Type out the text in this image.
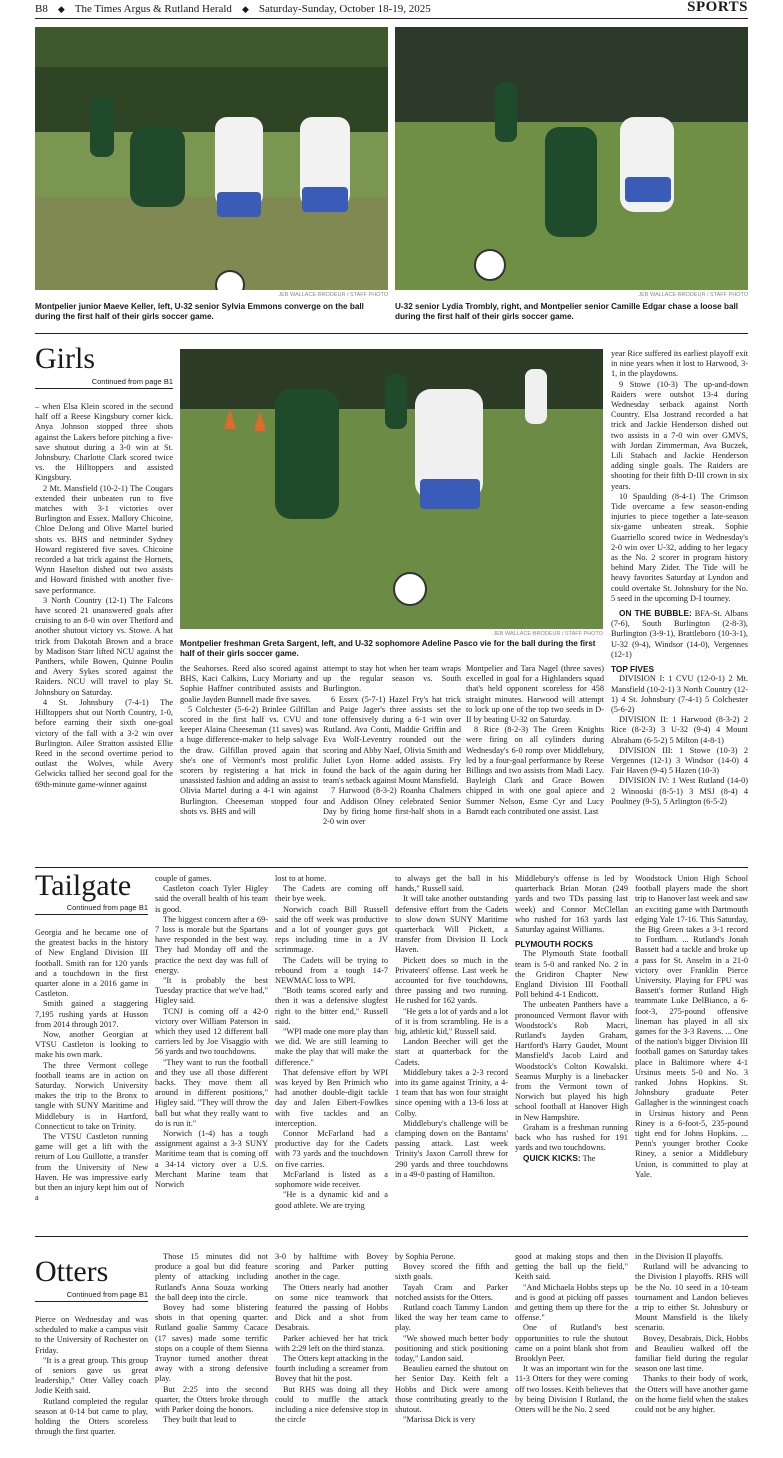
B8 ◆ The Times Argus & Rutland Herald ◆ Saturday-Sunday, October 18-19, 2025	SPORTS
JEB WALLACE-BRODEUR / STAFF PHOTO
Montpelier junior Maeve Keller, left, U-32 senior Sylvia Emmons converge on the ball during the first half of their girls soccer game.
JEB WALLACE-BRODEUR / STAFF PHOTO
U-32 senior Lydia Trombly, right, and Montpelier senior Camille Edgar chase a loose ball during the first half of their girls soccer game.
Girls
Continued from page B1
JEB WALLACE-BRODEUR / STAFF PHOTO
Montpelier freshman Greta Sargent, left, and U-32 sophomore Adeline Pasco vie for the ball during the first half of their girls soccer game.

– when Elsa Klein scored in the second half off a Reese Kingsbury corner kick. Anya Johnson stopped three shots against the Lakers before pitching a five-save shutout during a 3-0 win at St. Johnsbury. Charlotte Clark scored twice vs. the Hilltoppers and assisted Kingsbury.

2 Mt. Mansfield (10-2-1) The Cougars extended their unbeaten run to five matches with 3-1 victories over Burlington and Essex. Mallory Chicoine, Chloe DeJong and Olive Martel buried shots vs. BHS and netminder Sydney Howard registered five saves. Chicoine recorded a hat trick against the Hornets, Wynn Haselton dished out two assists and Howard finished with another five-save performance.

3 North Country (12-1) The Falcons have scored 21 unanswered goals after cruising to an 8-0 win over Thetford and another shutout victory vs. Stowe. A hat trick from Dakotah Brown and a brace by Madison Starr lifted NCU against the Panthers, while Bowen, Quinne Poulin and Avery Sykes scored against the Raiders. NCU will travel to play St. Johnsbury on Saturday.

4 St. Johnsbury (7-4-1) The Hilltoppers shut out North Country, 1-0, before earning their sixth one-goal victory of the fall with a 3-2 win over Burlington. Ailee Stratton assisted Ellie Reed in the second overtime period to outlast the Wolves, while Avery Gelwicks tallied her second goal for the 69th-minute game-winner against

the Seahorses. Reed also scored against BHS, Kaci Calkins, Lucy Moriarty and Sophie Haffner contributed assists and goalie Jayden Bunnell made five saves.

5 Colchester (5-6-2) Brinlee Gilfillan scored in the first half vs. CVU and keeper Alaina Cheeseman (11 saves) was a huge difference-maker to help salvage the draw. Gilfillan proved again that she's one of Vermont's most prolific scorers by registering a hat trick in unassisted fashion and adding an assist to Olivia Martel during a 4-1 win against Burlington. Cheeseman stopped four shots vs. BHS and will

attempt to stay hot when her team wraps up the regular season vs. South Burlington.

6 Essex (5-7-1) Hazel Fry's hat trick and Paige Jager's three assists set the tone offensively during a 6-1 win over Rutland. Ava Conti, Maddie Griffin and Eva Wolf-Leventry rounded out the scoring and Abby Naef, Olivia Smith and Juliet Lyon Horne added assists. Fry found the back of the again during her team's setback against Mount Mansfield.

7 Harwood (8-3-2) Roanha Chalmers and Addison Olney celebrated Senior Day by firing home first-half shots in a 2-0 win over

Montpelier and Tara Nagel (three saves) excelled in goal for a Highlanders squad that's held opponent scoreless for 458 straight minutes. Harwood will attempt to lock up one of the top two seeds in D-II by beating U-32 on Saturday.

8 Rice (8-2-3) The Green Knights were firing on all cylinders during Wednesday's 6-0 romp over Middlebury, led by a four-goal performance by Reese Billings and two assists from Madi Lacy. Bayleigh Clark and Grace Bowen chipped in with one goal apiece and Summer Nelson, Esme Cyr and Lucy Barndt each contributed one assist. Last

year Rice suffered its earliest playoff exit in nine years when it lost to Harwood, 3-1, in the playdowns.

9 Stowe (10-3) The up-and-down Raiders were outshot 13-4 during Wednesday setback against North Country. Elsa Jostrand recorded a hat trick and Jackie Henderson dished out two assists in a 7-0 win over GMVS, with Jordan Zimmerman, Ava Buczek, Lili Stabach and Jackie Henderson adding single goals. The Raiders are shooting for their fifth D-III crown in six years.

10 Spaulding (8-4-1) The Crimson Tide overcame a few season-ending injuries to piece together a late-season six-game unbeaten streak. Sophie Guarriello scored twice in Wednesday's 2-0 win over U-32, adding to her legacy as the No. 2 scorer in program history behind Mary Zider. The Tide will be heavy favorites Saturday at Lyndon and could overtake St. Johnsbury for the No. 5 seed in the upcoming D-I tourney.

ON THE BUBBLE: BFA-St. Albans (7-6), South Burlington (2-8-3), Burlington (3-9-1), Brattleboro (10-3-1), U-32 (9-4), Windsor (14-0), Vergennes (12-1)

TOP FIVES

DIVISION I: 1 CVU (12-0-1) 2 Mt. Mansfield (10-2-1) 3 North Country (12-1) 4 St. Johnsbury (7-4-1) 5 Colchester (5-6-2)

DIVISION II: 1 Harwood (8-3-2) 2 Rice (8-2-3) 3 U-32 (9-4) 4 Mount Abraham (6-5-2) 5 Milton (4-8-1)

DIVISION III: 1 Stowe (10-3) 2 Vergennes (12-1) 3 Windsor (14-0) 4 Fair Haven (9-4) 5 Hazen (10-3)

DIVISION IV: 1 West Rutland (14-0) 2 Winooski (8-5-1) 3 MSJ (8-4) 4 Poultney (9-5), 5 Arlington (6-5-2)

Tailgate
Continued from page B1

Georgia and he became one of the greatest backs in the history of New England Division III football. Smith ran for 120 yards and a touchdown in the first quarter alone in a 2016 game in Castleton.

Smith gained a staggering 7,195 rushing yards at Husson from 2014 through 2017.

Now, another Georgian at VTSU Castleton is looking to make his own mark.

The three Vermont college football teams are in action on Saturday. Norwich University makes the trip to the Bronx to tangle with SUNY Maritime and Middlebury is in Hartford, Connecticut to take on Trinity.

The VTSU Castleton running game will get a lift with the return of Lou Guillotte, a transfer from the University of New Haven. He was impressive early but then an injury kept him out of a

couple of games.

Castleton coach Tyler Higley said the overall health of his team is good.

The biggest concern after a 69-7 loss is morale but the Spartans have responded in the best way. They had Monday off and the practice the next day was full of energy.

"It is probably the best Tuesday practice that we've had," Higley said.

TCNJ is coming off a 42-0 victory over William Paterson in which they used 12 different ball carriers led by Joe Visaggio with 56 yards and two touchdowns.

"They want to run the football and they use all those different backs. They move them all around in different positions," Higley said. "They will throw the ball but what they really want to do is run it."

Norwich (1-4) has a tough assignment against a 3-3 SUNY Maritime team that is coming off a 34-14 victory over a U.S. Merchant Marine team that Norwich

lost to at home.

The Cadets are coming off their bye week.

Norwich coach Bill Russell said the off week was productive and a lot of younger guys got reps including time in a JV scrimmage.

The Cadets will be trying to rebound from a tough 14-7 NEWMAC loss to WPI.

"Both teams scored early and then it was a defensive slugfest right to the bitter end," Russell said.

"WPI made one more play than we did. We are still learning to make the play that will make the difference."

That defensive effort by WPI was keyed by Ben Primich who had another double-digit tackle day and Jalen Eibert-Fowlkes with five tackles and an interception.

Connor McFarland had a productive day for the Cadets with 73 yards and the touchdown on five carries.

McFarland is listed as a sophomore wide receiver.

"He is a dynamic kid and a good athlete. We are trying

to always get the ball in his hands," Russell said.

It will take another outstanding defensive effort from the Cadets to slow down SUNY Maritime quarterback Will Pickett, a transfer from Division II Lock Haven.

Pickett does so much in the Privateers' offense. Last week he accounted for five touchdowns, three passing and two running. He rushed for 162 yards.

"He gets a lot of yards and a lot of it is from scrambling. He is a big, athletic kid," Russell said.

Landon Beecher will get the start at quarterback for the Cadets.

Middlebury takes a 2-3 record into its game against Trinity, a 4-1 team that has won four straight since opening with a 13-6 loss at Colby.

Middlebury's challenge will be clamping down on the Bantams' passing attack. Last week Trinity's Jaxon Carroll threw for 290 yards and three touchdowns in a 49-0 pasting of Hamilton.

Middlebury's offense is led by quarterback Brian Moran (249 yards and two TDs passing last week) and Connor McClellan who rushed for 163 yards last Saturday against Williams.

PLYMOUTH ROCKS

The Plymouth State football team is 5-0 and ranked No. 2 in the Gridiron Chapter New England Division III Football Poll behind 4-1 Endicott.

The unbeaten Panthers have a pronounced Vermont flavor with Woodstock's Rob Macri, Rutland's Jayden Graham, Hartford's Harry Gaudet, Mount Mansfield's Jacob Laird and Woodstock's Colton Kowalski. Seamus Murphy is a linebacker from the Vermont town of Norwich but played his high school football at Hanover High in New Hampshire.

Graham is a freshman running back who has rushed for 191 yards and two touchdowns.

QUICK KICKS: The

Woodstock Union High School football players made the short trip to Hanover last week and saw an exciting game with Dartmouth edging Yale 17-16. This Saturday, the Big Green takes a 3-1 record to Fordham. ... Rutland's Jonah Bassett had a tackle and broke up a pass for St. Anselm in a 21-0 victory over Franklin Pierce University. Playing for FPU was Bassett's former Rutland High teammate Luke DelBianco, a 6-foot-3, 275-pound offensive lineman has played in all six games for the 3-3 Ravens. ... One of the nation's bigger Division III football games on Saturday takes place in Baltimore where 4-1 Ursinus meets 5-0 and No. 3 ranked Johns Hopkins. St. Johnsbury graduate Peter Gallagher is the winningest coach in Ursinus history and Penn Riney is a 6-foot-5, 235-pound tight end for Johns Hopkins. ... Penn's younger brother Cooke Riney, a senior a Middlebury Union, is committed to play at Yale.

Otters
Continued from page B1

Pierce on Wednesday and was scheduled to make a campus visit to the University of Rochester on Friday.

"It is a great group. This group of seniors gave us great leadership," Otter Valley coach Jodie Keith said.

Rutland completed the regular season at 0-14 but came to play, holding the Otters scoreless through the first quarter.

Those 15 minutes did not produce a goal but did feature plenty of attacking including Rutland's Anna Souza working the ball deep into the circle.

Bovey had some blistering shots in that opening quarter. Rutland goalie Sammy Cacace (17 saves) made some terrific stops on a couple of them Sienna Traynor turned another threat away with a strong defensive play.

But 2:25 into the second quarter, the Otters broke through with Parker doing the honors.

They built that lead to

3-0 by halftime with Bovey scoring and Parker putting another in the cage.

The Otters nearly had another on some nice teamwork that featured the passing of Hobbs and Dick and a shot from Desabrais.

Parker achieved her hat trick with 2:29 left on the third stanza.

The Otters kept attacking in the fourth including a screamer from Bovey that hit the post.

But RHS was doing all they could to muffle the attack including a nice defensive stop in the circle

by Sophia Perone.

Bovey scored the fifth and sixth goals.

Tayah Cram and Parker notched assists for the Otters.

Rutland coach Tammy Landon liked the way her team came to play.

"We showed much better body positioning and stick positioning today," Landon said.

Beaulieu earned the shutout on her Senior Day. Keith felt a Hobbs and Dick were among those contributing greatly to the shutout.

"Marissa Dick is very

good at making stops and then getting the ball up the field," Keith said.

"And Michaela Hobbs steps up and is good at picking off passes and getting them up there for the offense."

One of Rutland's best opportunities to rule the shutout came on a point blank shot from Brooklyn Peer.

It was an important win for the 11-3 Otters for they were coming off two losses. Keith believes that by being Division I Rutland, the Otters will be the No. 2 seed

in the Division II playoffs.

Rutland will be advancing to the Division I playoffs. RHS will be the No. 10 seed in a 10-team tournament and Landon believes a trip to either St. Johnsbury or Mount Mansfield is the likely scenario.

Bovey, Desabrais, Dick, Hobbs and Beaulieu walked off the familiar field during the regular season one last time.

Thanks to their body of work, the Otters will have another game on the home field when the stakes could not be any higher.
